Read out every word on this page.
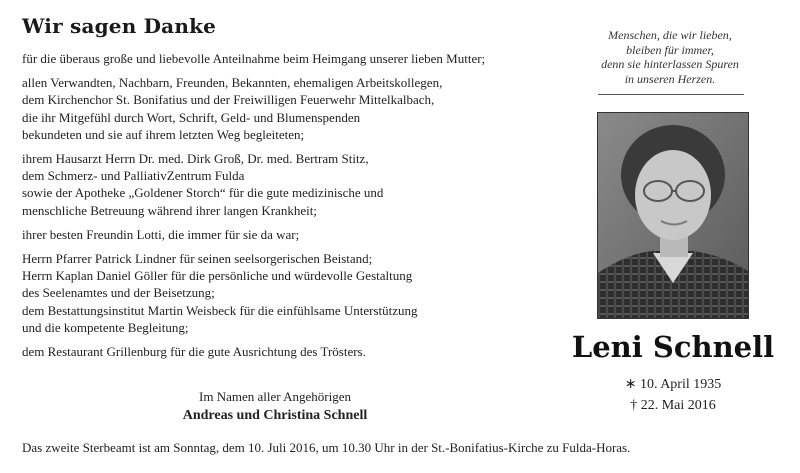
Wir sagen Danke
für die überaus große und liebevolle Anteilnahme beim Heimgang unserer lieben Mutter;
allen Verwandten, Nachbarn, Freunden, Bekannten, ehemaligen Arbeitskollegen,
dem Kirchenchor St. Bonifatius und der Freiwilligen Feuerwehr Mittelkalbach,
die ihr Mitgefühl durch Wort, Schrift, Geld- und Blumenspenden
bekundeten und sie auf ihrem letzten Weg begleiteten;
ihrem Hausarzt Herrn Dr. med. Dirk Groß, Dr. med. Bertram Stitz,
dem Schmerz- und PalliativZentrum Fulda
sowie der Apotheke „Goldener Storch“ für die gute medizinische und
menschliche Betreuung während ihrer langen Krankheit;
ihrer besten Freundin Lotti, die immer für sie da war;
Herrn Pfarrer Patrick Lindner für seinen seelsorgerischen Beistand;
Herrn Kaplan Daniel Göller für die persönliche und würdevolle Gestaltung
des Seelenamtes und der Beisetzung;
dem Bestattungsinstitut Martin Weisbeck für die einfühlsame Unterstützung
und die kompetente Begleitung;
dem Restaurant Grillenburg für die gute Ausrichtung des Trösters.
Im Namen aller Angehörigen
Andreas und Christina Schnell
Das zweite Sterbeamt ist am Sonntag, dem 10. Juli 2016, um 10.30 Uhr in der St.-Bonifatius-Kirche zu Fulda-Horas.
Menschen, die wir lieben,
bleiben für immer,
denn sie hinterlassen Spuren
in unseren Herzen.
Leni Schnell
∗ 10. April 1935
† 22. Mai 2016
